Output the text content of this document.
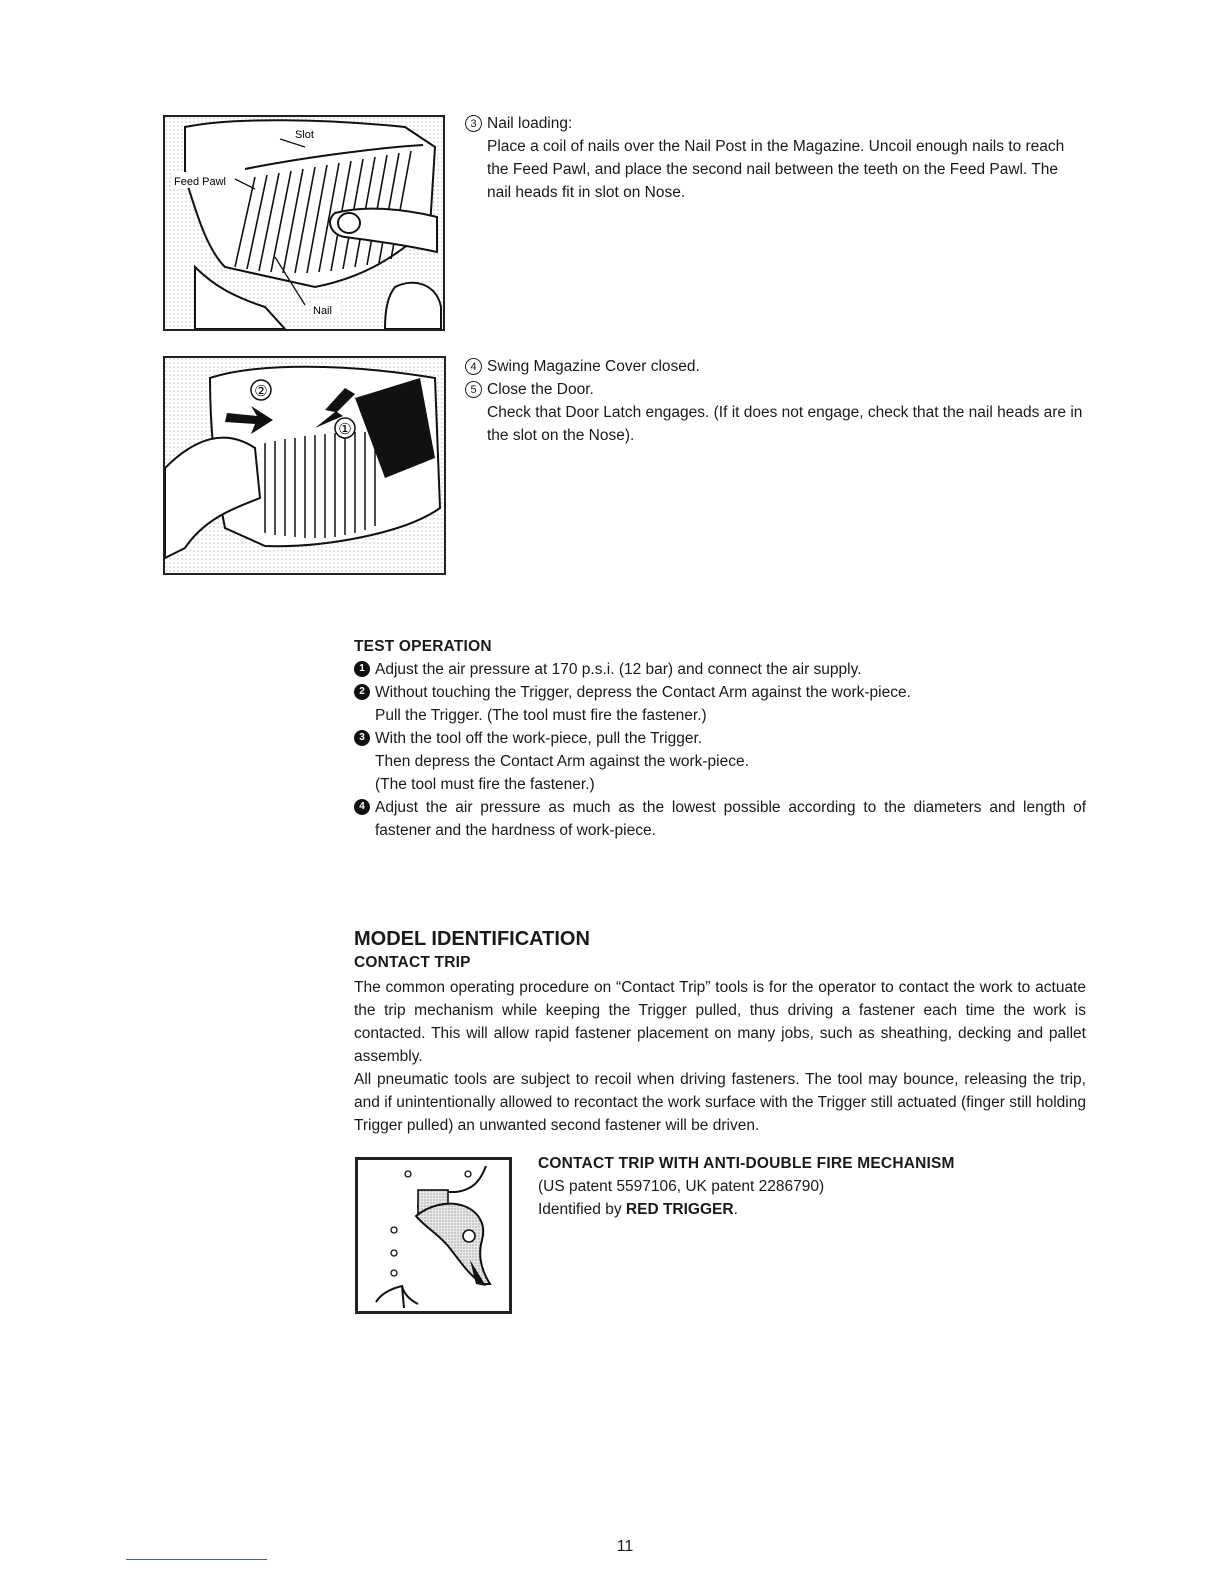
Slot
Feed Pawl
Nail
3 Nail loading:

Place a coil of nails over the Nail Post in the Magazine. Uncoil enough nails to reach the Feed Pawl, and place the second nail between the teeth on the Feed Pawl. The nail heads fit in slot on Nose.

②
①
4 Swing Magazine Cover closed.
5 Close the Door.

Check that Door Latch engages. (If it does not engage, check that the nail heads are in the slot on the Nose).

TEST OPERATION
1 Adjust the air pressure at 170 p.s.i. (12 bar) and connect the air supply.
2 Without touching the Trigger, depress the Contact Arm against the work-piece.
Pull the Trigger. (The tool must fire the fastener.)
3 With the tool off the work-piece, pull the Trigger.
Then depress the Contact Arm against the work-piece.
(The tool must fire the fastener.)
4 Adjust the air pressure as much as the lowest possible according to the diameters and length of fastener and the hardness of work-piece.
MODEL IDENTIFICATION
CONTACT TRIP

The common operating procedure on “Contact Trip” tools is for the operator to contact the work to actuate the trip mechanism while keeping the Trigger pulled, thus driving a fastener each time the work is contacted. This will allow rapid fastener placement on many jobs, such as sheathing, decking and pallet assembly.

All pneumatic tools are subject to recoil when driving fasteners. The tool may bounce, releasing the trip, and if unintentionally allowed to recontact the work surface with the Trigger still actuated (finger still holding Trigger pulled) an unwanted second fastener will be driven.

CONTACT TRIP WITH ANTI-DOUBLE FIRE MECHANISM
(US patent 5597106, UK patent 2286790)
Identified by RED TRIGGER.
11
